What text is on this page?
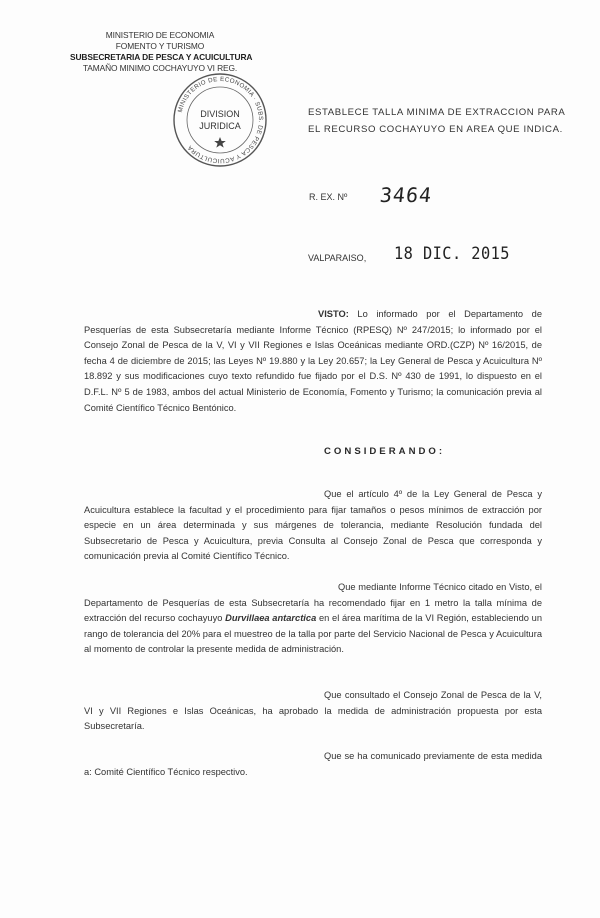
MINISTERIO DE ECONOMIA
FOMENTO Y TURISMO
SUBSECRETARIA DE PESCA Y ACUICULTURA
TAMAÑO MINIMO COCHAYUYO VI REG.
MINISTERIO DE ECONOMIA · SUBS. DE PESCA Y ACUICULTURA
DIVISION
JURIDICA
ESTABLECE TALLA MINIMA DE EXTRACCION PARA EL RECURSO COCHAYUYO EN AREA QUE INDICA.
R. EX. Nº 3464
VALPARAISO, 18 DIC. 2015
VISTO: Lo informado por el Departamento de Pesquerías de esta Subsecretaría mediante Informe Técnico (RPESQ) Nº 247/2015; lo informado por el Consejo Zonal de Pesca de la V, VI y VII Regiones e Islas Oceánicas mediante ORD.(CZP) Nº 16/2015, de fecha 4 de diciembre de 2015; las Leyes Nº 19.880 y la Ley 20.657; la Ley General de Pesca y Acuicultura Nº 18.892 y sus modificaciones cuyo texto refundido fue fijado por el D.S. Nº 430 de 1991, lo dispuesto en el D.F.L. Nº 5 de 1983, ambos del actual Ministerio de Economía, Fomento y Turismo; la comunicación previa al Comité Científico Técnico Bentónico.
CONSIDERANDO:
Que el artículo 4º de la Ley General de Pesca y Acuicultura establece la facultad y el procedimiento para fijar tamaños o pesos mínimos de extracción por especie en un área determinada y sus márgenes de tolerancia, mediante Resolución fundada del Subsecretario de Pesca y Acuicultura, previa Consulta al Consejo Zonal de Pesca que corresponda y comunicación previa al Comité Científico Técnico.
Que mediante Informe Técnico citado en Visto, el Departamento de Pesquerías de esta Subsecretaría ha recomendado fijar en 1 metro la talla mínima de extracción del recurso cochayuyo Durvillaea antarctica en el área marítima de la VI Región, estableciendo un rango de tolerancia del 20% para el muestreo de la talla por parte del Servicio Nacional de Pesca y Acuicultura al momento de controlar la presente medida de administración.
Que consultado el Consejo Zonal de Pesca de la V, VI y VII Regiones e Islas Oceánicas, ha aprobado la medida de administración propuesta por esta Subsecretaría.
Que se ha comunicado previamente de esta medida a: Comité Científico Técnico respectivo.
